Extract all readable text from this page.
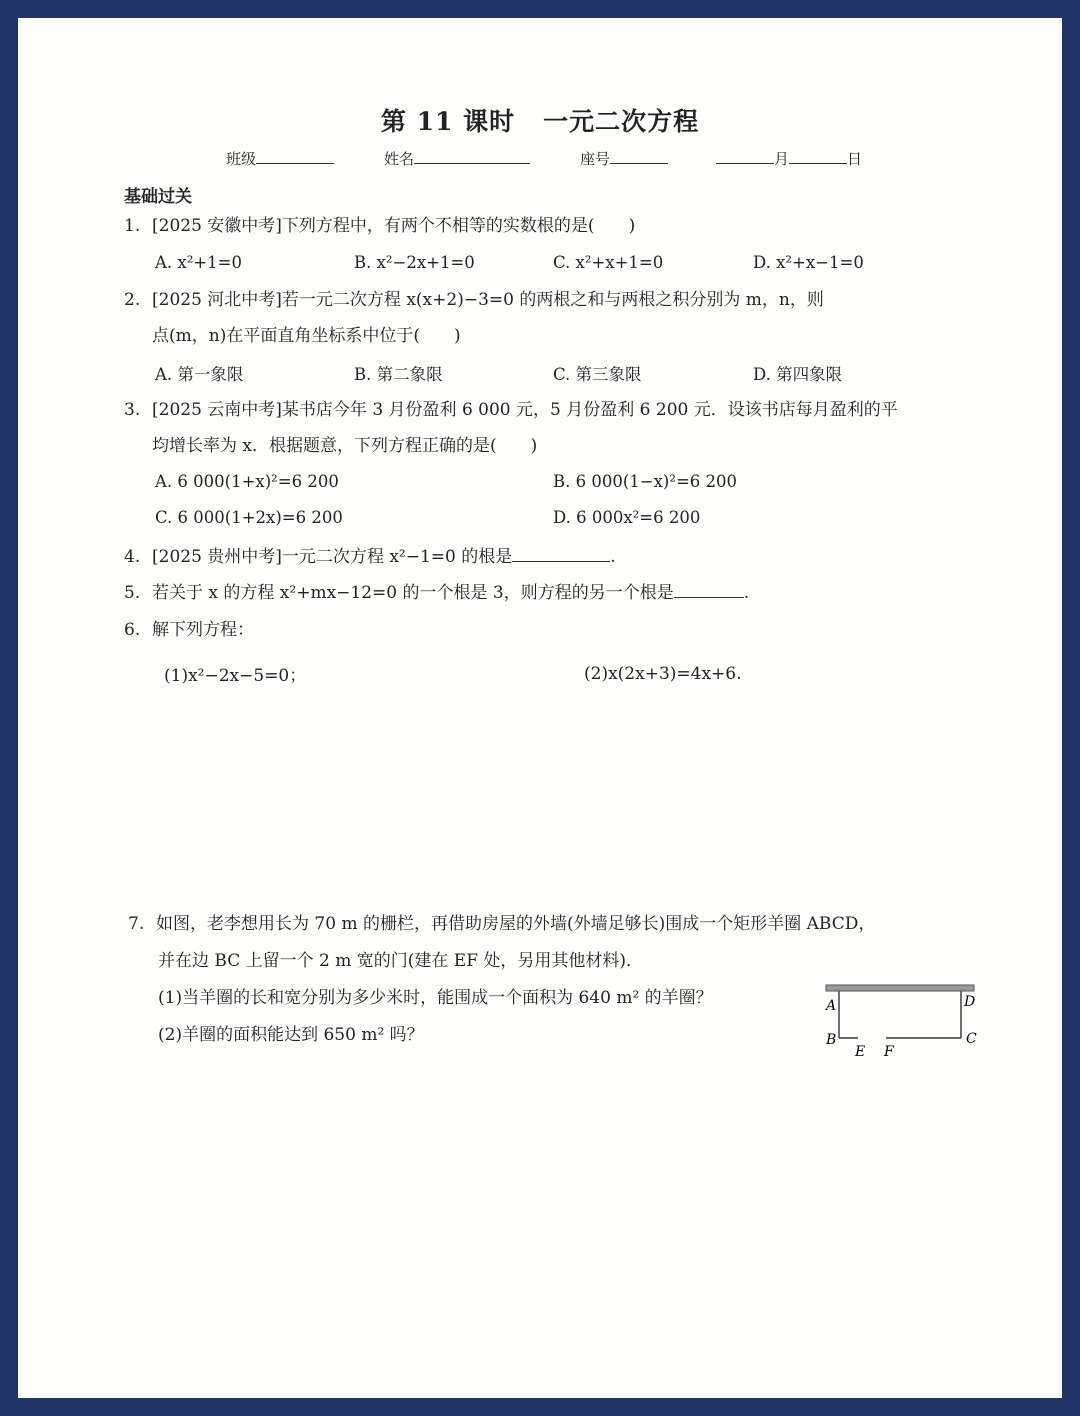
第 11 课时 一元二次方程
班级	姓名	座号	月	日
基础过关
1. [2025 安徽中考]下列方程中，有两个不相等的实数根的是(　　)
A. x²+1=0	B. x²−2x+1=0	C. x²+x+1=0	D. x²+x−1=0
2. [2025 河北中考]若一元二次方程 x(x+2)−3=0 的两根之和与两根之积分别为 m，n，则
点(m，n)在平面直角坐标系中位于(　　)
A. 第一象限	B. 第二象限	C. 第三象限	D. 第四象限
3. [2025 云南中考]某书店今年 3 月份盈利 6 000 元，5 月份盈利 6 200 元．设该书店每月盈利的平
均增长率为 x．根据题意，下列方程正确的是(　　)
A. 6 000(1+x)²=6 200	B. 6 000(1−x)²=6 200
C. 6 000(1+2x)=6 200	D. 6 000x²=6 200
4. [2025 贵州中考]一元二次方程 x²−1=0 的根是	.
5. 若关于 x 的方程 x²+mx−12=0 的一个根是 3，则方程的另一个根是	.
6. 解下列方程：
(1)x²−2x−5=0；	(2)x(2x+3)=4x+6.
7. 如图，老李想用长为 70 m 的栅栏，再借助房屋的外墙(外墙足够长)围成一个矩形羊圈 ABCD，
并在边 BC 上留一个 2 m 宽的门(建在 EF 处，另用其他材料)．
(1)当羊圈的长和宽分别为多少米时，能围成一个面积为 640 m² 的羊圈？
(2)羊圈的面积能达到 650 m² 吗？
A	D
B	C
E F
